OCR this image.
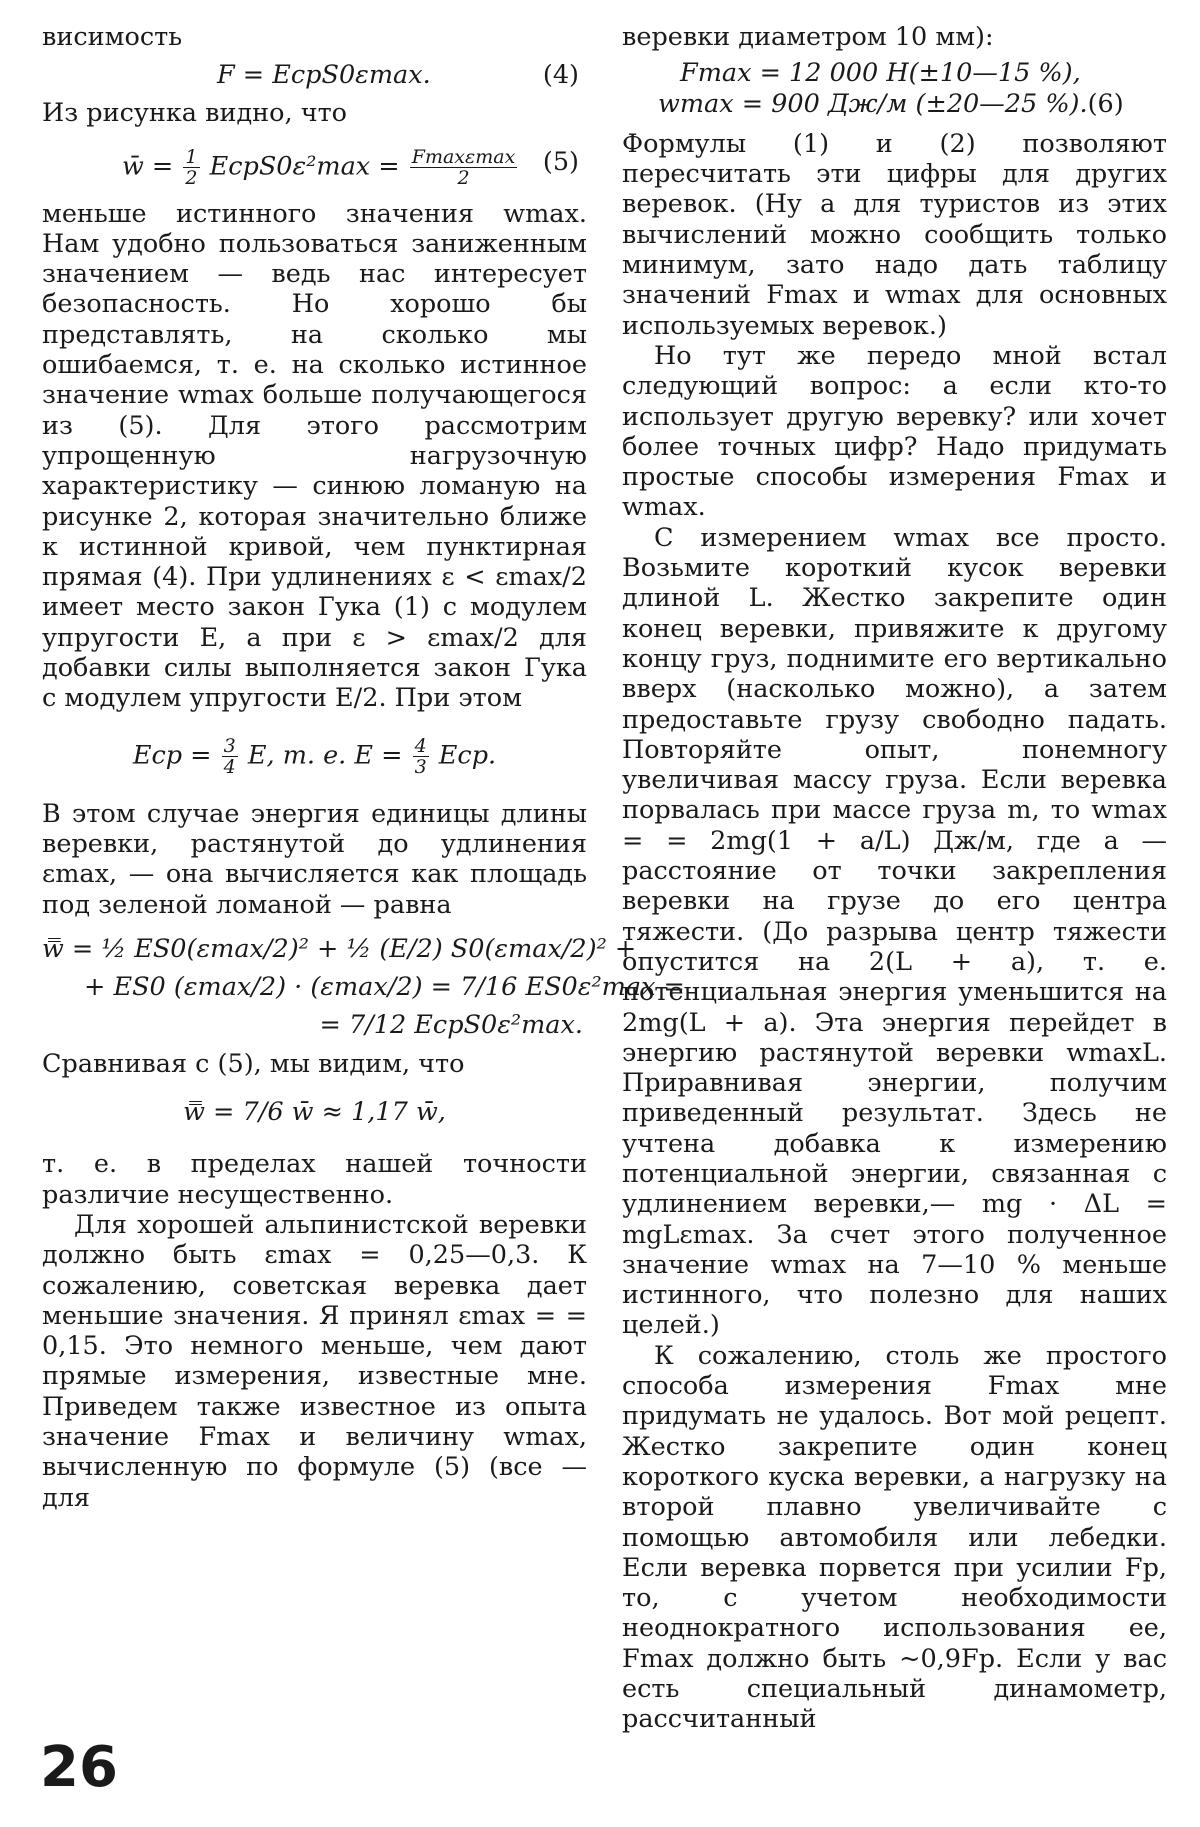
висимость

F = EсрS0εmax.	(4)

Из рисунка видно, что

w̄ = $\frac{1}{2}$ EсрS0ε²max = $\frac{Fmax\varepsilon\max}{2} (5)$

меньше истинного значения wmax. Нам удобно пользоваться заниженным значением — ведь нас интересует безопасность. Но хорошо бы представлять, на сколько мы ошибаемся, т. е. на сколько истинное значение wmax больше получающегося из (5). Для этого рассмотрим упрощенную нагрузочную характеристику — синюю ломаную на рисунке 2, которая значительно ближе к истинной кривой, чем пунктирная прямая (4). При удлинениях ε < εmax/2 имеет место закон Гука (1) с модулем упругости E, а при ε > εmax/2 для добавки силы выполняется закон Гука с модулем упругости E/2. При этом

Eср = $\frac{3}{4} E$, т. е. $E = \frac{4}{3}$ Eср.

В этом случае энергия единицы длины веревки, растянутой до удлинения εmax, — она вычисляется как площадь под зеленой ломаной — равна

w̿ = ½ ES0(εmax/2)² + ½ (E/2) S0(εmax/2)² +
+ ES0 (εmax/2) · (εmax/2) = 7/16 ES0ε²max =
= 7/12 EсрS0ε²max.

Сравнивая с (5), мы видим, что

w̿ = 7/6 w̄ ≈ 1,17 w̄,

т. е. в пределах нашей точности различие несущественно.

Для хорошей альпинистской веревки должно быть εmax = 0,25—0,3. К сожалению, советская веревка дает меньшие значения. Я принял εmax = = 0,15. Это немного меньше, чем дают прямые измерения, известные мне. Приведем также известное из опыта значение Fmax и величину wmax, вычисленную по формуле (5) (все — для

веревки диаметром 10 мм):

Fmax = 12 000 Н(±10—15 %),
wmax = 900 Дж/м (±20—25 %).(6)

Формулы (1) и (2) позволяют пересчитать эти цифры для других веревок. (Ну а для туристов из этих вычислений можно сообщить только минимум, зато надо дать таблицу значений Fmax и wmax для основных используемых веревок.)

Но тут же передо мной встал следующий вопрос: а если кто-то использует другую веревку? или хочет более точных цифр? Надо придумать простые способы измерения Fmax и wmax.

С измерением wmax все просто. Возьмите короткий кусок веревки длиной L. Жестко закрепите один конец веревки, привяжите к другому концу груз, поднимите его вертикально вверх (насколько можно), а затем предоставьте грузу свободно падать. Повторяйте опыт, понемногу увеличивая массу груза. Если веревка порвалась при массе груза m, то wmax = = 2mg(1 + a/L) Дж/м, где a — расстояние от точки закрепления веревки на грузе до его центра тяжести. (До разрыва центр тяжести опустится на 2(L + a), т. е. потенциальная энергия уменьшится на 2mg(L + a). Эта энергия перейдет в энергию растянутой веревки wmaxL. Приравнивая энергии, получим приведенный результат. Здесь не учтена добавка к измерению потенциальной энергии, связанная с удлинением веревки,— mg · ΔL = mgLεmax. За счет этого полученное значение wmax на 7—10 % меньше истинного, что полезно для наших целей.)

К сожалению, столь же простого способа измерения Fmax мне придумать не удалось. Вот мой рецепт. Жестко закрепите один конец короткого куска веревки, а нагрузку на второй плавно увеличивайте с помощью автомобиля или лебедки. Если веревка порвется при усилии Fр, то, с учетом необходимости неоднократного использования ее, Fmax должно быть ~0,9Fр. Если у вас есть специальный динамометр, рассчитанный

26
